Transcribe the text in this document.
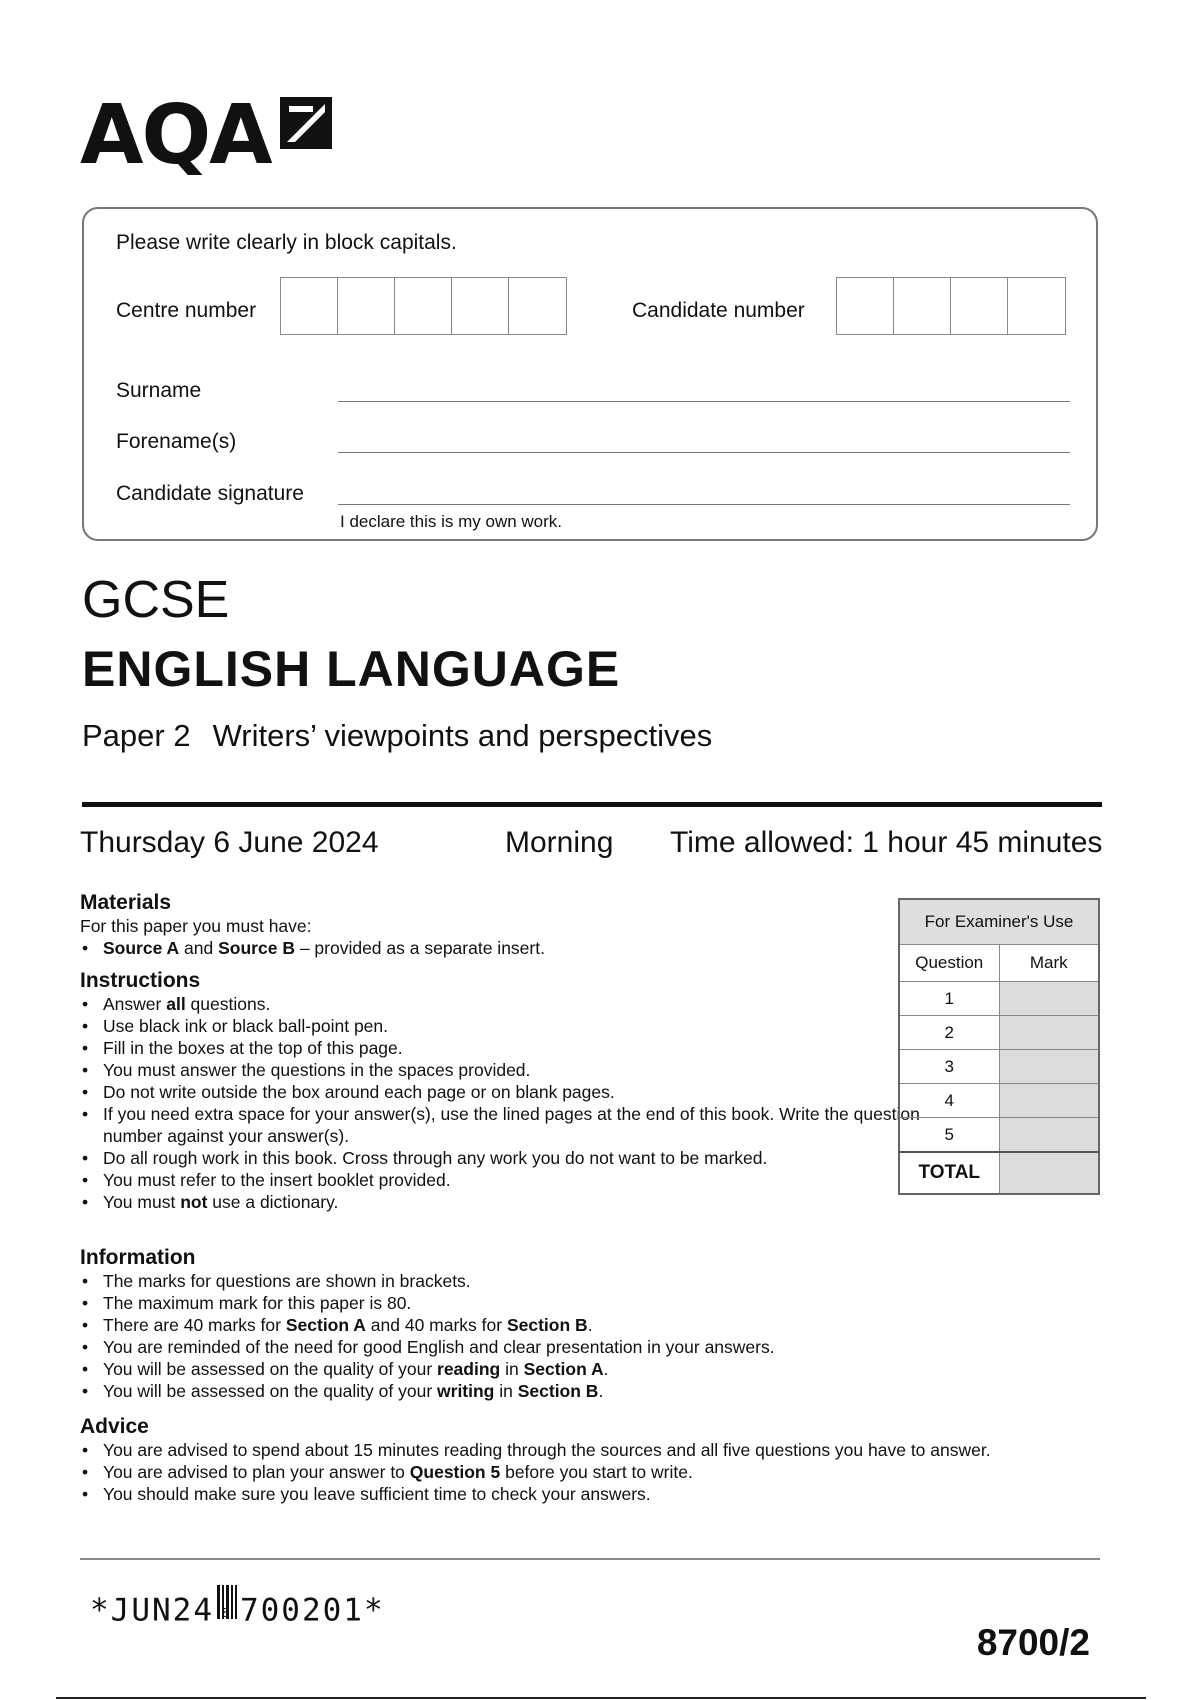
AQA
Please write clearly in block capitals.
Centre number	Candidate number
Surname
Forename(s)
Candidate signature
I declare this is my own work.
GCSE
ENGLISH LANGUAGE
Paper 2 Writers’ viewpoints and perspectives
Thursday 6 June 2024	Morning Time allowed: 1 hour 45 minutes

Materials

For this paper you must have:

• Source A and Source B – provided as a separate insert.

Instructions

• Answer all questions.
• Use black ink or black ball-point pen.
• Fill in the boxes at the top of this page.
• You must answer the questions in the spaces provided.
• Do not write outside the box around each page or on blank pages.
• If you need extra space for your answer(s), use the lined pages at the end of this book. Write the question number against your answer(s).
• Do all rough work in this book. Cross through any work you do not want to be marked.
• You must refer to the insert booklet provided.
• You must not use a dictionary.

Information

• The marks for questions are shown in brackets.
• The maximum mark for this paper is 80.
• There are 40 marks for Section A and 40 marks for Section B.
• You are reminded of the need for good English and clear presentation in your answers.
• You will be assessed on the quality of your reading in Section A.
• You will be assessed on the quality of your writing in Section B.

Advice

• You are advised to spend about 15 minutes reading through the sources and all five questions you have to answer.
• You are advised to plan your answer to Question 5 before you start to write.
• You should make sure you leave sufficient time to check your answers.
For Examiner's Use	
Question	Mark
1	
2	
3	
4	
5	
TOTAL	
*JUN24 8 700201*
8700/2
